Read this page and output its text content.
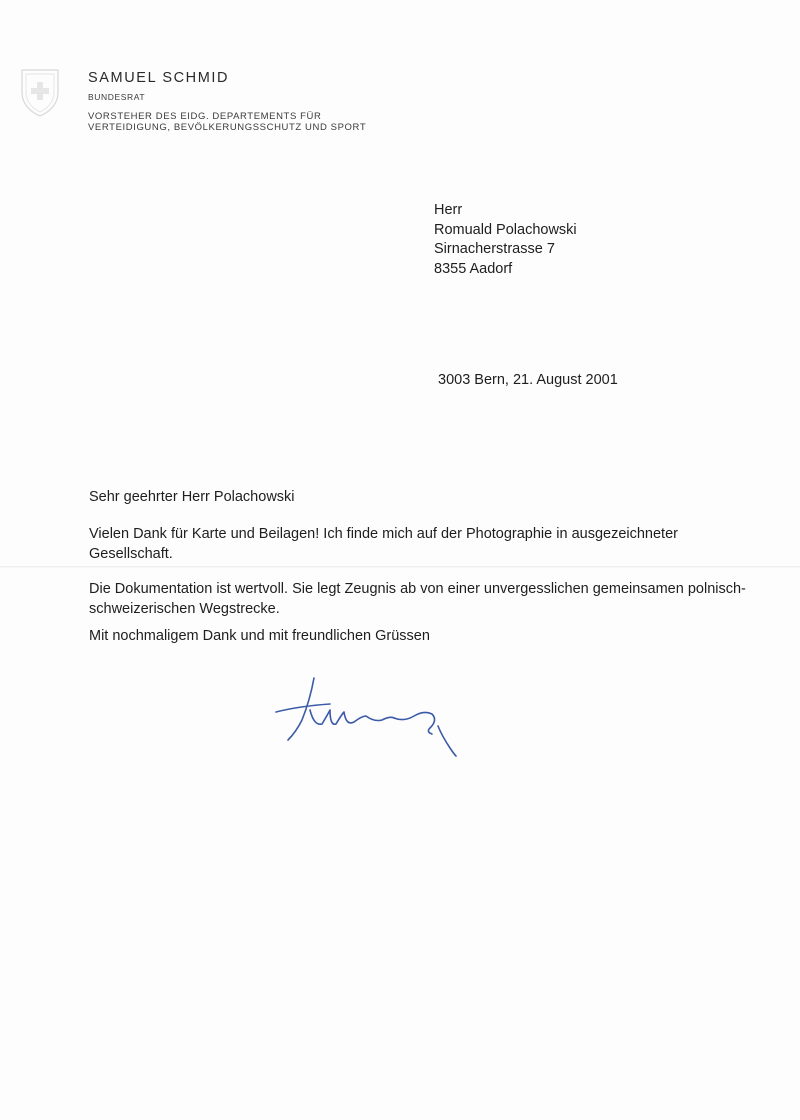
SAMUEL SCHMID
BUNDESRAT
VORSTEHER DES EIDG. DEPARTEMENTS FÜR
VERTEIDIGUNG, BEVÖLKERUNGSSCHUTZ UND SPORT
Herr
Romuald Polachowski
Sirnacherstrasse 7
8355 Aadorf
3003 Bern, 21. August 2001
Sehr geehrter Herr Polachowski
Vielen Dank für Karte und Beilagen! Ich finde mich auf der Photographie in ausgezeichneter Gesellschaft.
Die Dokumentation ist wertvoll. Sie legt Zeugnis ab von einer unvergesslichen gemeinsamen polnisch-schweizerischen Wegstrecke.
Mit nochmaligem Dank und mit freundlichen Grüssen
